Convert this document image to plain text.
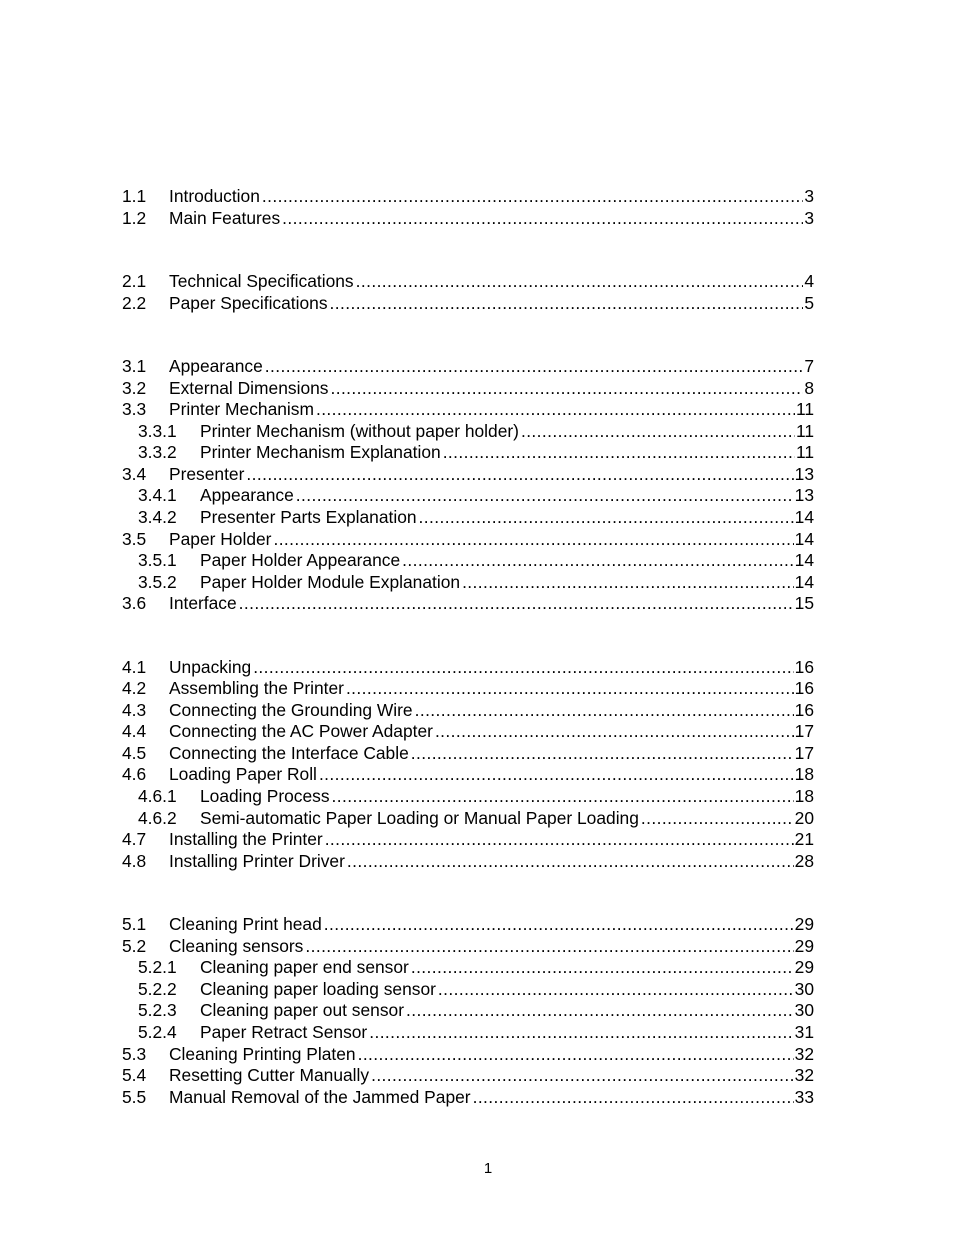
1.1	Introduction .....	3
1.2	Main Features .....	3
2.1	Technical Specifications .....	4
2.2	Paper Specifications .....	5
3.1	Appearance .....	7
3.2	External Dimensions .....	8
3.3	Printer Mechanism .....	11
3.3.1	Printer Mechanism (without paper holder) .....	11
3.3.2	Printer Mechanism Explanation .....	11
3.4	Presenter .....	13
3.4.1	Appearance .....	13
3.4.2	Presenter Parts Explanation .....	14
3.5	Paper Holder .....	14
3.5.1	Paper Holder Appearance .....	14
3.5.2	Paper Holder Module Explanation .....	14
3.6	Interface .....	15
4.1	Unpacking .....	16
4.2	Assembling the Printer .....	16
4.3	Connecting the Grounding Wire .....	16
4.4	Connecting the AC Power Adapter .....	17
4.5	Connecting the Interface Cable .....	17
4.6	Loading Paper Roll .....	18
4.6.1	Loading Process .....	18
4.6.2	Semi-automatic Paper Loading or Manual Paper Loading .....	20
4.7	Installing the Printer .....	21
4.8	Installing Printer Driver .....	28
5.1	Cleaning Print head .....	29
5.2	Cleaning sensors .....	29
5.2.1	Cleaning paper end sensor .....	29
5.2.2	Cleaning paper loading sensor .....	30
5.2.3	Cleaning paper out sensor .....	30
5.2.4	Paper Retract Sensor .....	31
5.3	Cleaning Printing Platen .....	32
5.4	Resetting Cutter Manually .....	32
5.5	Manual Removal of the Jammed Paper .....	33
1
